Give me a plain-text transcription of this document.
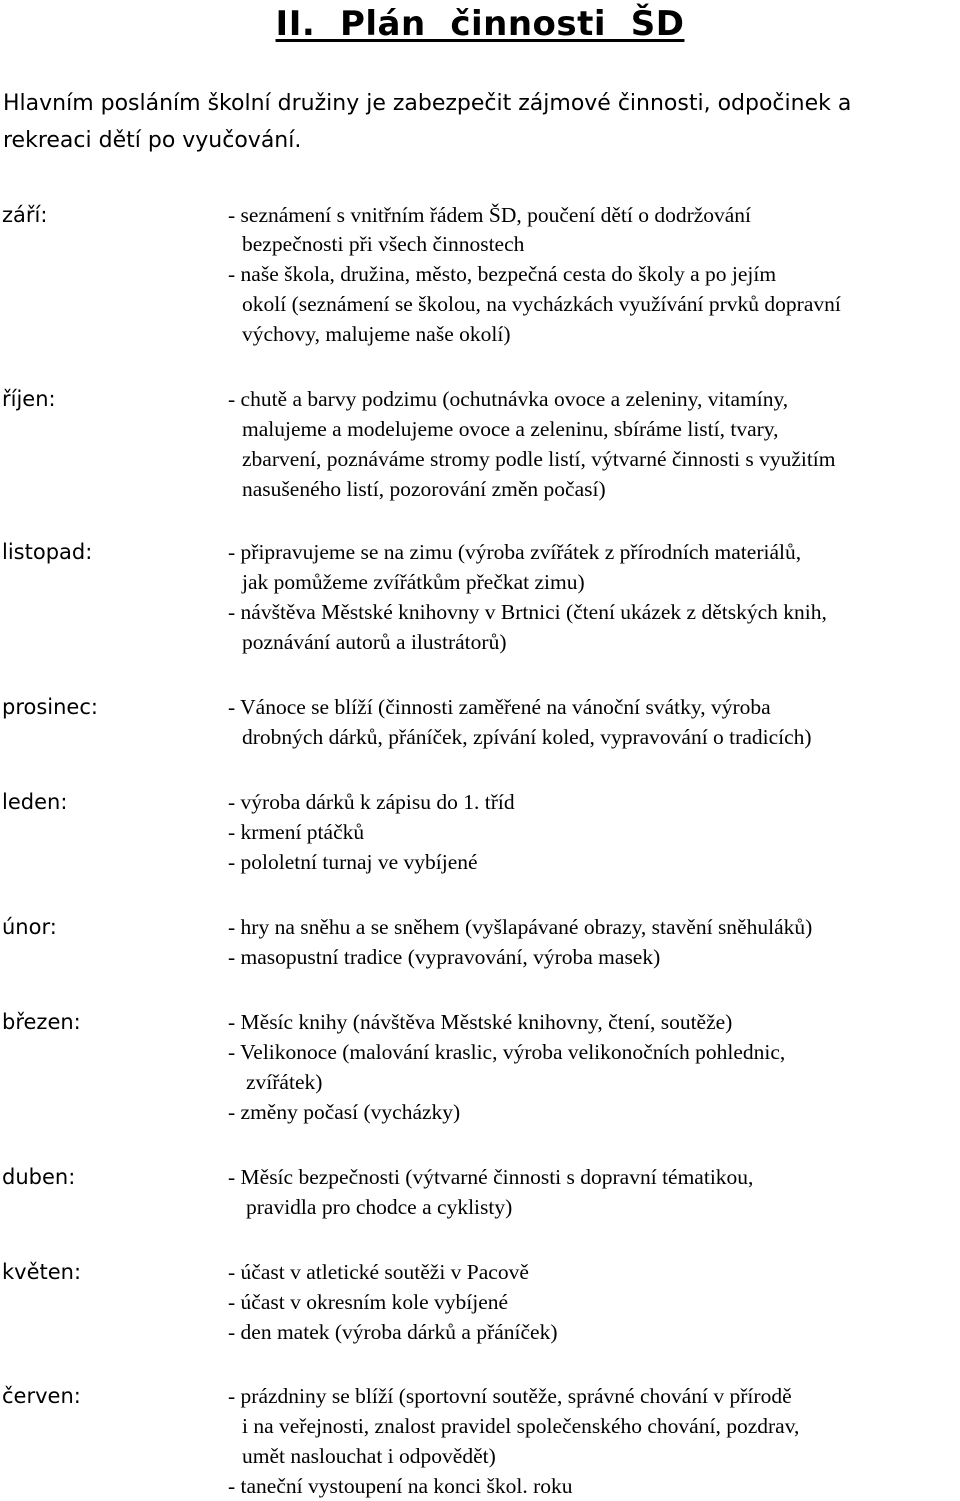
II.  Plán  činnosti  ŠD

Hlavním posláním školní družiny je zabezpečit zájmové činnosti, odpočinek a

rekreaci dětí po vyučování.

září:	- seznámení s vnitřním řádem ŠD, poučení dětí o dodržování
bezpečnosti při všech činnostech
- naše škola, družina, město, bezpečná cesta do školy a po jejím
okolí (seznámení se školou, na vycházkách využívání prvků dopravní
výchovy, malujeme naše okolí)
říjen:	- chutě a barvy podzimu (ochutnávka ovoce a zeleniny, vitamíny,
malujeme a modelujeme ovoce a zeleninu, sbíráme listí, tvary,
zbarvení, poznáváme stromy podle listí, výtvarné činnosti s využitím
nasušeného listí, pozorování změn počasí)
listopad:	- připravujeme se na zimu (výroba zvířátek z přírodních materiálů,
jak pomůžeme zvířátkům přečkat zimu)
- návštěva Městské knihovny v Brtnici (čtení ukázek z dětských knih,
poznávání autorů a ilustrátorů)
prosinec:	- Vánoce se blíží (činnosti zaměřené na vánoční svátky, výroba
drobných dárků, přáníček, zpívání koled, vypravování o tradicích)
leden:	- výroba dárků k zápisu do 1. tříd
- krmení ptáčků
- pololetní turnaj ve vybíjené
únor:	- hry na sněhu a se sněhem (vyšlapávané obrazy, stavění sněhuláků)
- masopustní tradice (vypravování, výroba masek)
březen:	- Měsíc knihy (návštěva Městské knihovny, čtení, soutěže)
- Velikonoce (malování kraslic, výroba velikonočních pohlednic,
zvířátek)
- změny počasí (vycházky)
duben:	- Měsíc bezpečnosti (výtvarné činnosti s dopravní tématikou,
pravidla pro chodce a cyklisty)
květen:	- účast v atletické soutěži v Pacově
- účast v okresním kole vybíjené
- den matek (výroba dárků a přáníček)
červen:	- prázdniny se blíží (sportovní soutěže, správné chování v přírodě
i na veřejnosti, znalost pravidel společenského chování, pozdrav,
umět naslouchat i odpovědět)
- taneční vystoupení na konci škol. roku
